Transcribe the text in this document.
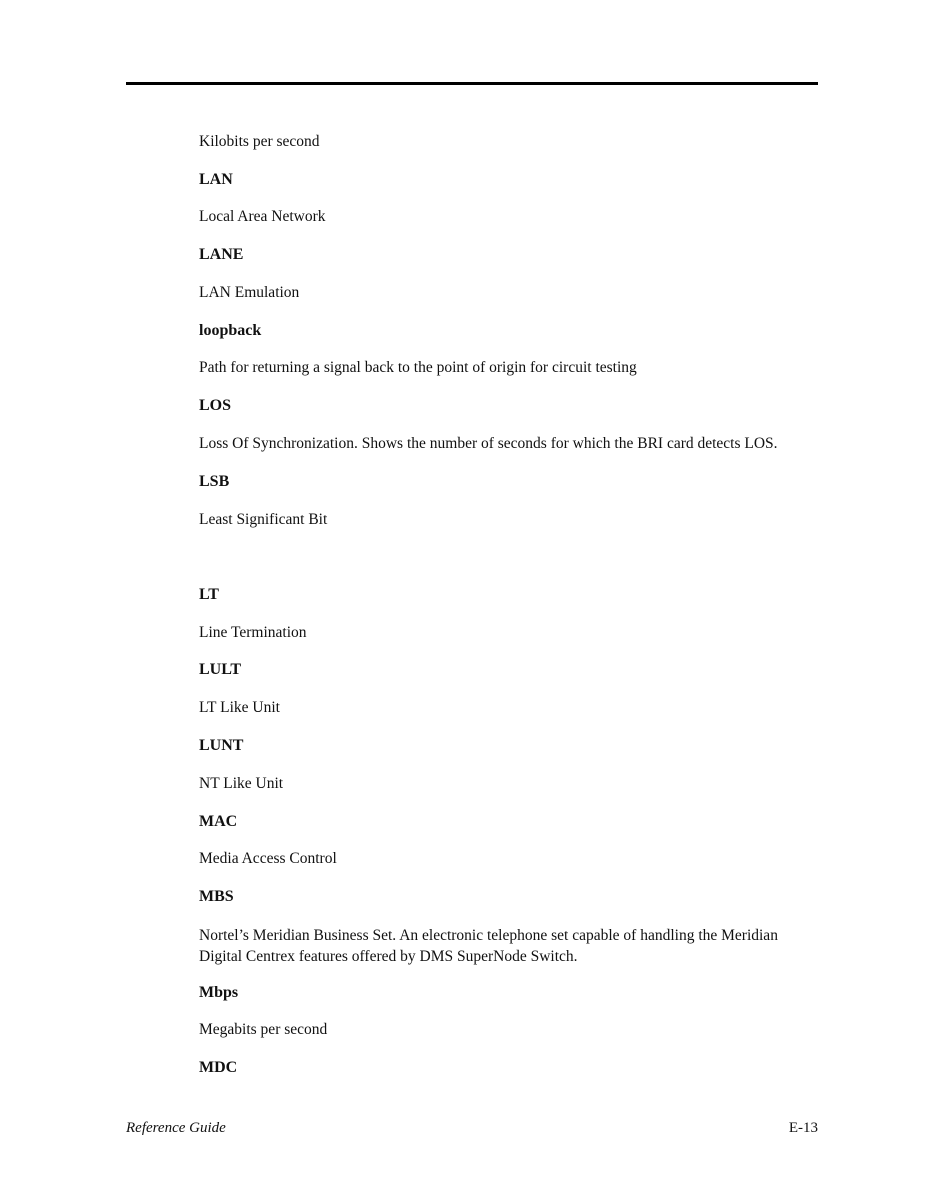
Kilobits per second
LAN
Local Area Network
LANE
LAN Emulation
loopback
Path for returning a signal back to the point of origin for circuit testing
LOS
Loss Of Synchronization. Shows the number of seconds for which the BRI card detects LOS.
LSB
Least Significant Bit
LT
Line Termination
LULT
LT Like Unit
LUNT
NT Like Unit
MAC
Media Access Control
MBS
Nortel’s Meridian Business Set. An electronic telephone set capable of handling the Meridian Digital Centrex features offered by DMS SuperNode Switch.
Mbps
Megabits per second
MDC
Reference Guide	E-13
